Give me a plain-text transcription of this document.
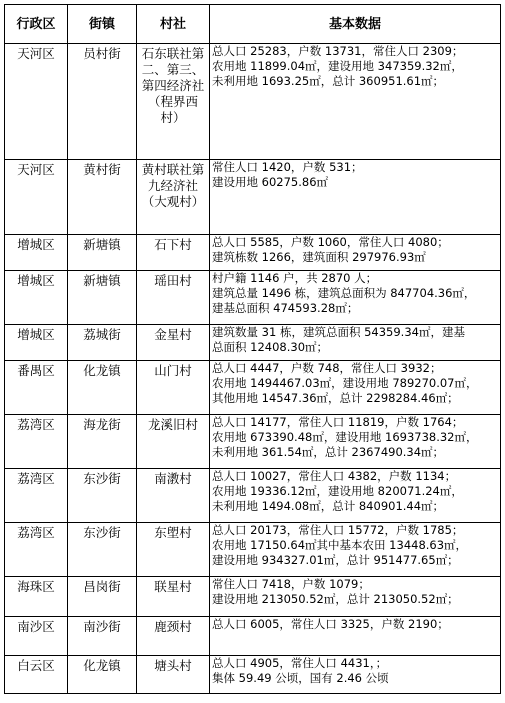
行政区	街镇	村社	基本数据
天河区	员村街	石东联社第二、第三、第四经济社（程界西村）	总人口 25283，户数 13731，常住人口 2309；
农用地 11899.04㎡，建设用地 347359.32㎡，
未利用地 1693.25㎡，总计 360951.61㎡；
天河区	黄村街	黄村联社第九经济社（大观村）	常住人口 1420，户数 531；
建设用地 60275.86㎡
增城区	新塘镇	石下村	总人口 5585，户数 1060，常住人口 4080；
建筑栋数 1266，建筑面积 297976.93㎡
增城区	新塘镇	瑶田村	村户籍 1146 户，共 2870 人；
建筑总量 1496 栋，建筑总面积为 847704.36㎡，
建基总面积 474593.28㎡；
增城区	荔城街	金星村	建筑数量 31 栋，建筑总面积 54359.34㎡，建基
总面积 12408.30㎡；
番禺区	化龙镇	山门村	总人口 4447，户数 748，常住人口 3932；
农用地 1494467.03㎡，建设用地 789270.07㎡，
其他用地 14547.36㎡，总计 2298284.46㎡；
荔湾区	海龙街	龙溪旧村	总人口 14177，常住人口 11819，户数 1764；
农用地 673390.48㎡，建设用地 1693738.32㎡，
未利用地 361.54㎡，总计 2367490.34㎡；
荔湾区	东沙街	南漖村	总人口 10027，常住人口 4382，户数 1134；
农用地 19336.12㎡，建设用地 820071.24㎡，
未利用地 1494.08㎡，总计 840901.44㎡；
荔湾区	东沙街	东塱村	总人口 20173，常住人口 15772，户数 1785；
农用地 17150.64㎡其中基本农田 13448.63㎡，
建设用地 934327.01㎡，总计 951477.65㎡；
海珠区	昌岗街	联星村	常住人口 7418，户数 1079；
建设用地 213050.52㎡，总计 213050.52㎡；
南沙区	南沙街	鹿颈村	总人口 6005，常住人口 3325，户数 2190；
白云区	化龙镇	塘头村	总人口 4905，常住人口 4431，；
集体 59.49 公顷，国有 2.46 公顷
